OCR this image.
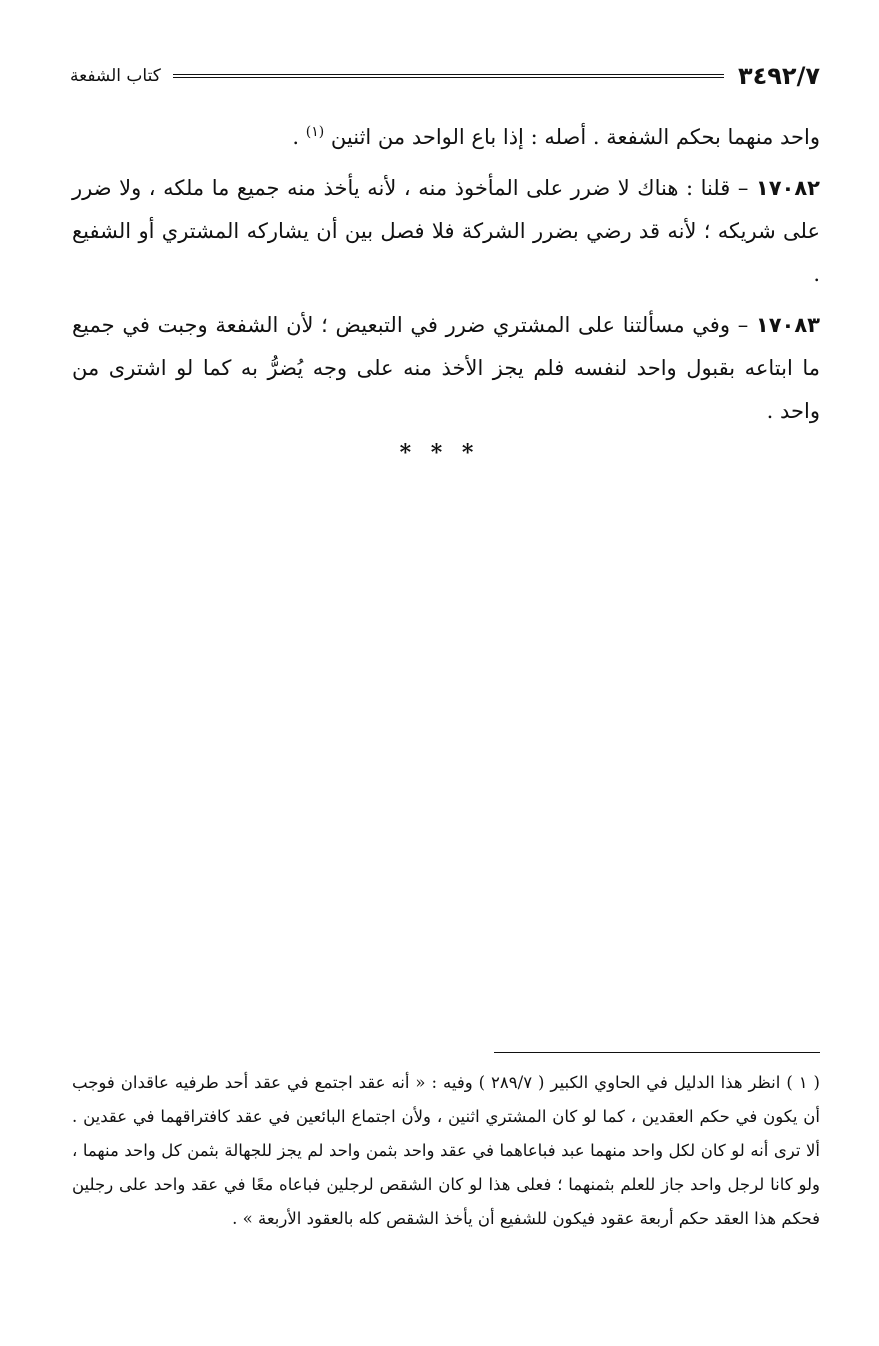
٣٤٩٢/٧
كتاب الشفعة

واحد منهما بحكم الشفعة . أصله : إذا باع الواحد من اثنين $^{(١)}$ .

١٧٠٨٢ – قلنا : هناك لا ضرر على المأخوذ منه ، لأنه يأخذ منه جميع ما ملكه ، ولا ضرر على شريكه ؛ لأنه قد رضي بضرر الشركة فلا فصل بين أن يشاركه المشتري أو الشفيع .

١٧٠٨٣ – وفي مسألتنا على المشتري ضرر في التبعيض ؛ لأن الشفعة وجبت في جميع ما ابتاعه بقبول واحد لنفسه فلم يجز الأخذ منه على وجه يُضرُّ به كما لو اشترى من واحد .

* * *

( ١ ) انظر هذا الدليل في الحاوي الكبير ( ٢٨٩/٧ ) وفيه : « أنه عقد اجتمع في عقد أحد طرفيه عاقدان فوجب أن يكون في حكم العقدين ، كما لو كان المشتري اثنين ، ولأن اجتماع البائعين في عقد كافتراقهما في عقدين . ألا ترى أنه لو كان لكل واحد منهما عبد فباعاهما في عقد واحد بثمن واحد لم يجز للجهالة بثمن كل واحد منهما ، ولو كانا لرجل واحد جاز للعلم بثمنهما ؛ فعلى هذا لو كان الشقص لرجلين فباعاه معًا في عقد واحد على رجلين فحكم هذا العقد حكم أربعة عقود فيكون للشفيع أن يأخذ الشقص كله بالعقود الأربعة » .
